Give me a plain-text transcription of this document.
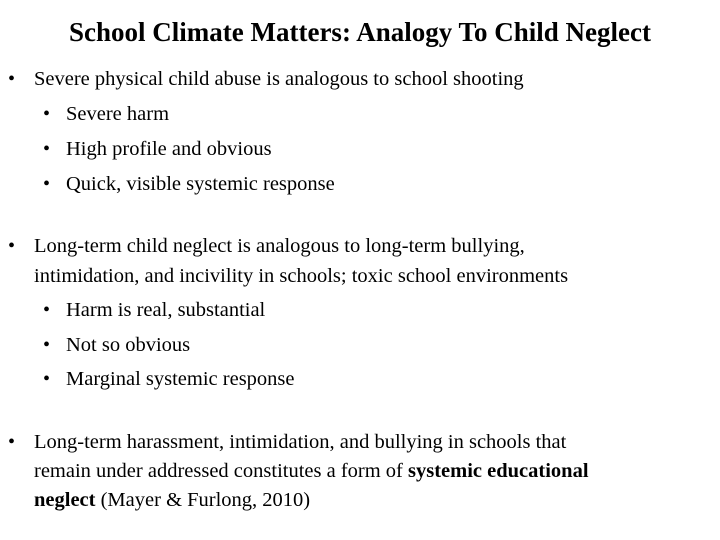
School Climate Matters: Analogy To Child Neglect
• Severe physical child abuse is analogous to school shooting
• Severe harm
• High profile and obvious
• Quick, visible systemic response
• Long-term child neglect is analogous to long-term bullying,
intimidation, and incivility in schools; toxic school environments
• Harm is real, substantial
• Not so obvious
• Marginal systemic response
• Long-term harassment, intimidation, and bullying in schools that
remain under addressed constitutes a form of systemic educational
neglect (Mayer & Furlong, 2010)
